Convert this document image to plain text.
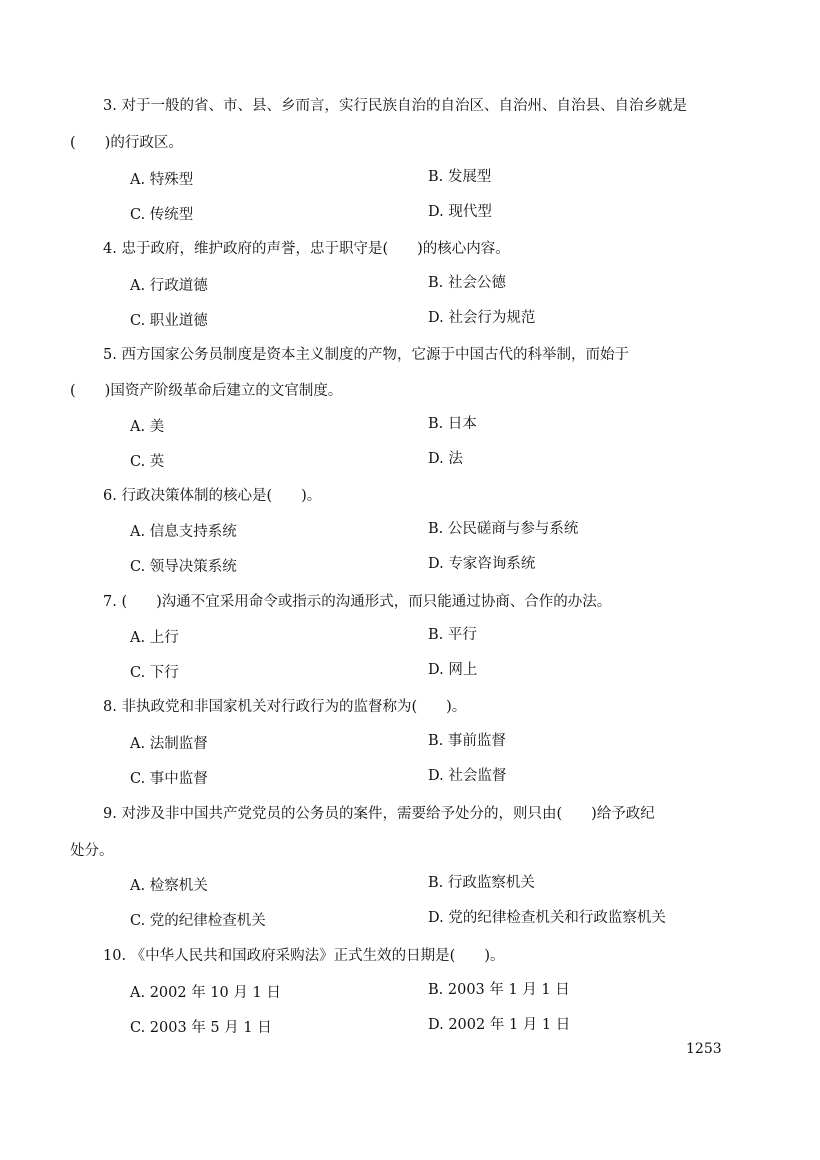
3. 对于一般的省、市、县、乡而言，实行民族自治的自治区、自治州、自治县、自治乡就是
(　　)的行政区。
A. 特殊型	B. 发展型
C. 传统型	D. 现代型
4. 忠于政府，维护政府的声誉，忠于职守是(　　)的核心内容。
A. 行政道德	B. 社会公德
C. 职业道德	D. 社会行为规范
5. 西方国家公务员制度是资本主义制度的产物，它源于中国古代的科举制，而始于
(　　)国资产阶级革命后建立的文官制度。
A. 美	B. 日本
C. 英	D. 法
6. 行政决策体制的核心是(　　)。
A. 信息支持系统	B. 公民磋商与参与系统
C. 领导决策系统	D. 专家咨询系统
7. (　　)沟通不宜采用命令或指示的沟通形式，而只能通过协商、合作的办法。
A. 上行	B. 平行
C. 下行	D. 网上
8. 非执政党和非国家机关对行政行为的监督称为(　　)。
A. 法制监督	B. 事前监督
C. 事中监督	D. 社会监督
9. 对涉及非中国共产党党员的公务员的案件，需要给予处分的，则只由(　　)给予政纪
处分。
A. 检察机关	B. 行政监察机关
C. 党的纪律检查机关	D. 党的纪律检查机关和行政监察机关
10. 《中华人民共和国政府采购法》正式生效的日期是(　　)。
A. 2002 年 10 月 1 日	B. 2003 年 1 月 1 日
C. 2003 年 5 月 1 日	D. 2002 年 1 月 1 日
1253
